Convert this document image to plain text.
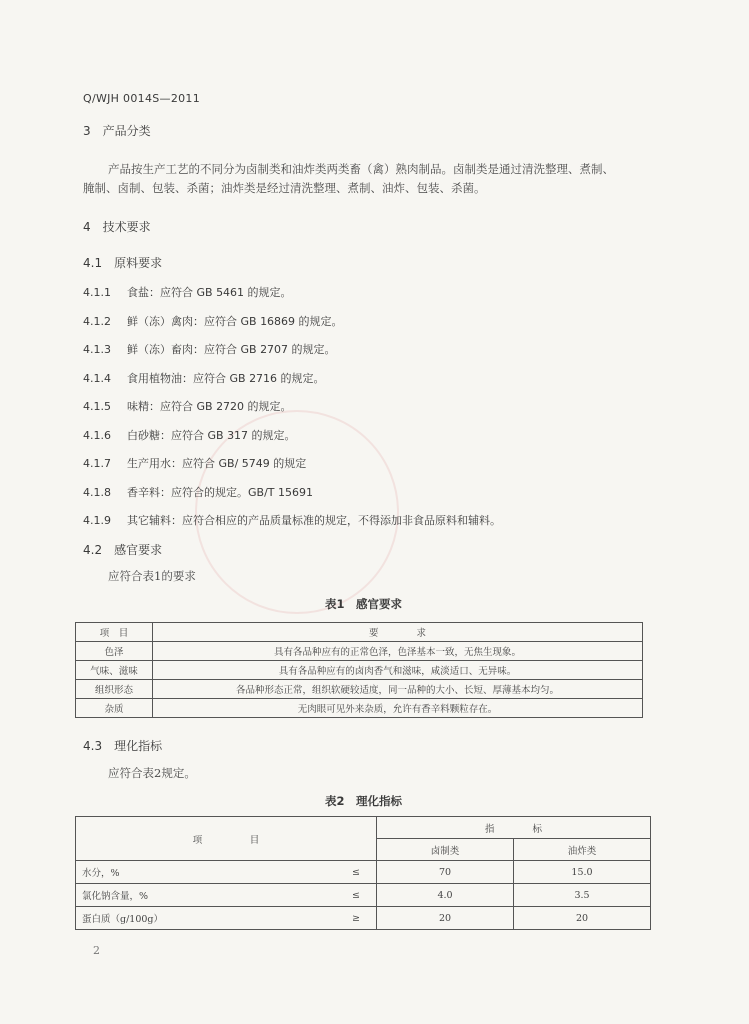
Q/WJH 0014S—2011
3　产品分类
产品按生产工艺的不同分为卤制类和油炸类两类畜（禽）熟肉制品。卤制类是通过清洗整理、煮制、
腌制、卤制、包装、杀菌；油炸类是经过清洗整理、煮制、油炸、包装、杀菌。
4　技术要求
4.1　原料要求
4.1.1 食盐：应符合 GB 5461 的规定。
4.1.2 鲜（冻）禽肉：应符合 GB 16869 的规定。
4.1.3 鲜（冻）畜肉：应符合 GB 2707 的规定。
4.1.4 食用植物油：应符合 GB 2716 的规定。
4.1.5 味精：应符合 GB 2720 的规定。
4.1.6 白砂糖：应符合 GB 317 的规定。
4.1.7 生产用水：应符合 GB/ 5749 的规定
4.1.8 香辛料：应符合的规定。GB/T 15691
4.1.9 其它辅料：应符合相应的产品质量标准的规定，不得添加非食品原料和辅料。
4.2　感官要求
应符合表1的要求
表1　感官要求
项　目	要　　　　求
色泽	具有各品种应有的正常色泽，色泽基本一致，无焦生现象。
气味、滋味	具有各品种应有的卤肉香气和滋味，咸淡适口、无异味。
组织形态	各品种形态正常，组织软硬较适度，同一品种的大小、长短、厚薄基本均匀。
杂质	无肉眼可见外来杂质，允许有香辛料颗粒存在。
4.3　理化指标
应符合表2规定。
表2　理化指标
项　　　　　目		指　　　　标	
		卤制类	油炸类
水分，%	≤	70	15.0
氯化钠含量，%	≤	4.0	3.5
蛋白质（g/100g）	≥	20	20
2
